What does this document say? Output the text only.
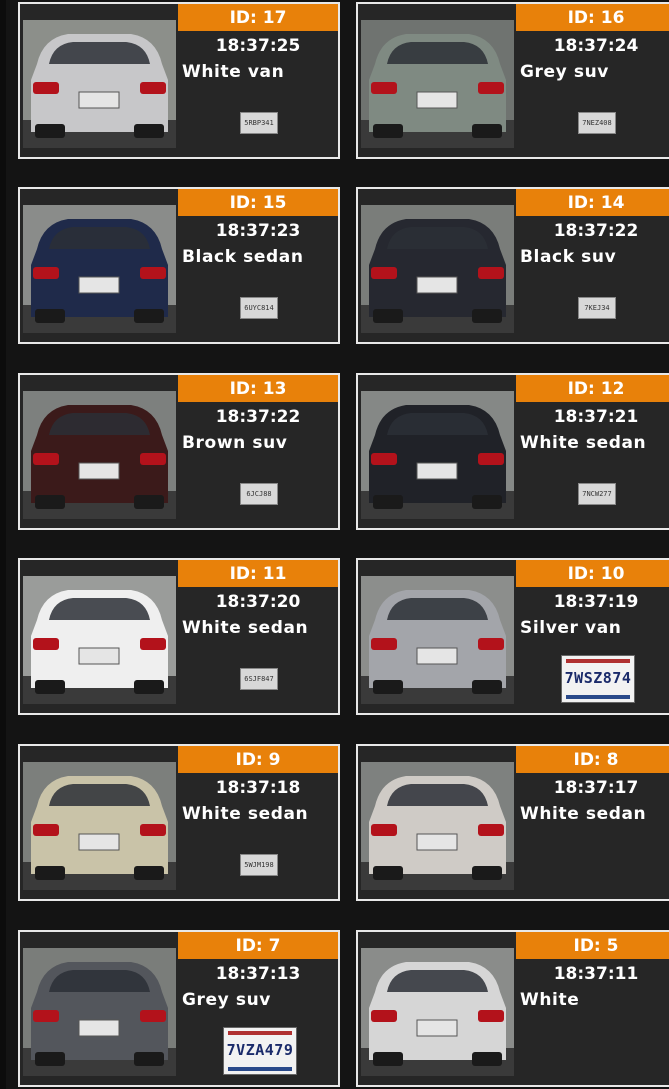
ID: 17
18:37:25
White van
5RBP341
ID: 16
18:37:24
Grey suv
7NEZ408
ID: 15
18:37:23
Black sedan
6UYC814
ID: 14
18:37:22
Black suv
7KEJ34
ID: 13
18:37:22
Brown suv
6JCJ88
ID: 12
18:37:21
White sedan
7NCW277
ID: 11
18:37:20
White sedan
6SJF847
ID: 10
18:37:19
Silver van
7WSZ874
ID: 9
18:37:18
White sedan
5WJM198
ID: 8
18:37:17
White sedan
ID: 7
18:37:13
Grey suv
7VZA479
ID: 5
18:37:11
White
